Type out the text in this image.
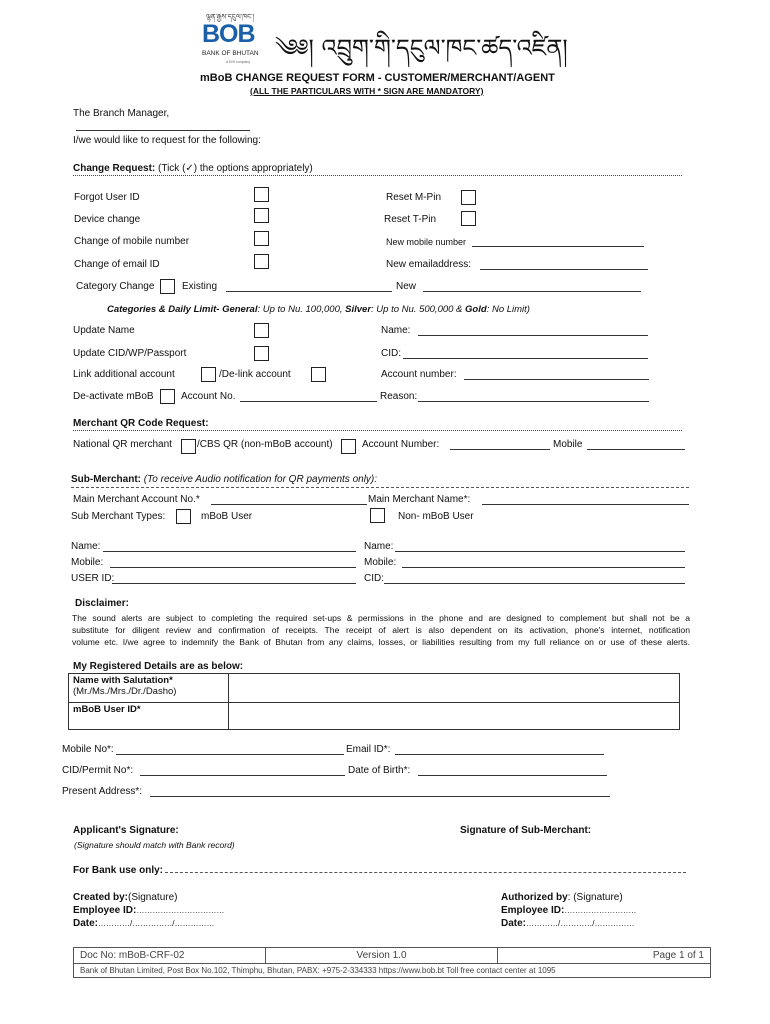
ལྷན་རྒྱས་དངུལ་ཁང་།
BOB
BANK OF BHUTAN
a DHI company ༄༅། འབྲུག་གི་དངུལ་ཁང་ཚད་འཛིན།
mBoB CHANGE REQUEST FORM - CUSTOMER/MERCHANT/AGENT
(ALL THE PARTICULARS WITH * SIGN ARE MANDATORY)
The Branch Manager,
I/we would like to request for the following:
Change Request: (Tick (✓) the options appropriately)
Forgot User ID	Reset M-Pin
Device change	Reset T-Pin
Change of mobile number	New mobile number
Change of email ID	New emailaddress:
Category Change	Existing	New
Categories & Daily Limit- General: Up to Nu. 100,000, Silver: Up to Nu. 500,000 & Gold: No Limit)
Update Name	Name:
Update CID/WP/Passport	CID:
Link additional account	/De-link account	Account number:
De-activate mBoB	Account No.	Reason:
Merchant QR Code Request:
National QR merchant	/CBS QR (non-mBoB account)	Account Number:	Mobile
Sub-Merchant: (To receive Audio notification for QR payments only):
Main Merchant Account No.*	Main Merchant Name*:
Sub Merchant Types:	mBoB User	Non- mBoB User
Name:	Name:
Mobile:	Mobile:
USER ID:	CID:
Disclaimer:
The sound alerts are subject to completing the required set-ups & permissions in the phone and are designed to complement but shall not be a
substitute for diligent review and confirmation of receipts. The receipt of alert is also dependent on its activation, phone's internet, notification
volume etc. I/we agree to indemnify the Bank of Bhutan from any claims, losses, or liabilities resulting from my full reliance on or use of these alerts.
My Registered Details are as below:
Name with Salutation*
(Mr./Ms./Mrs./Dr./Dasho)	

mBoB User ID*	

Mobile No*:	Email ID*:
CID/Permit No*:	Date of Birth*:
Present Address*:
Applicant's Signature:
(Signature should match with Bank record)
Signature of Sub-Merchant:
For Bank use only:
Created by:(Signature)
Employee ID:……………………………
Date:…………/……………/……………
Authorized by: (Signature)
Employee ID:………………………
Date:…………/…………/……………
Doc No: mBoB-CRF-02	Version 1.0	Page 1 of 1
Bank of Bhutan Limited, Post Box No.102, Thimphu, Bhutan, PABX: +975-2-334333 https://www.bob.bt Toll free contact center at 1095
